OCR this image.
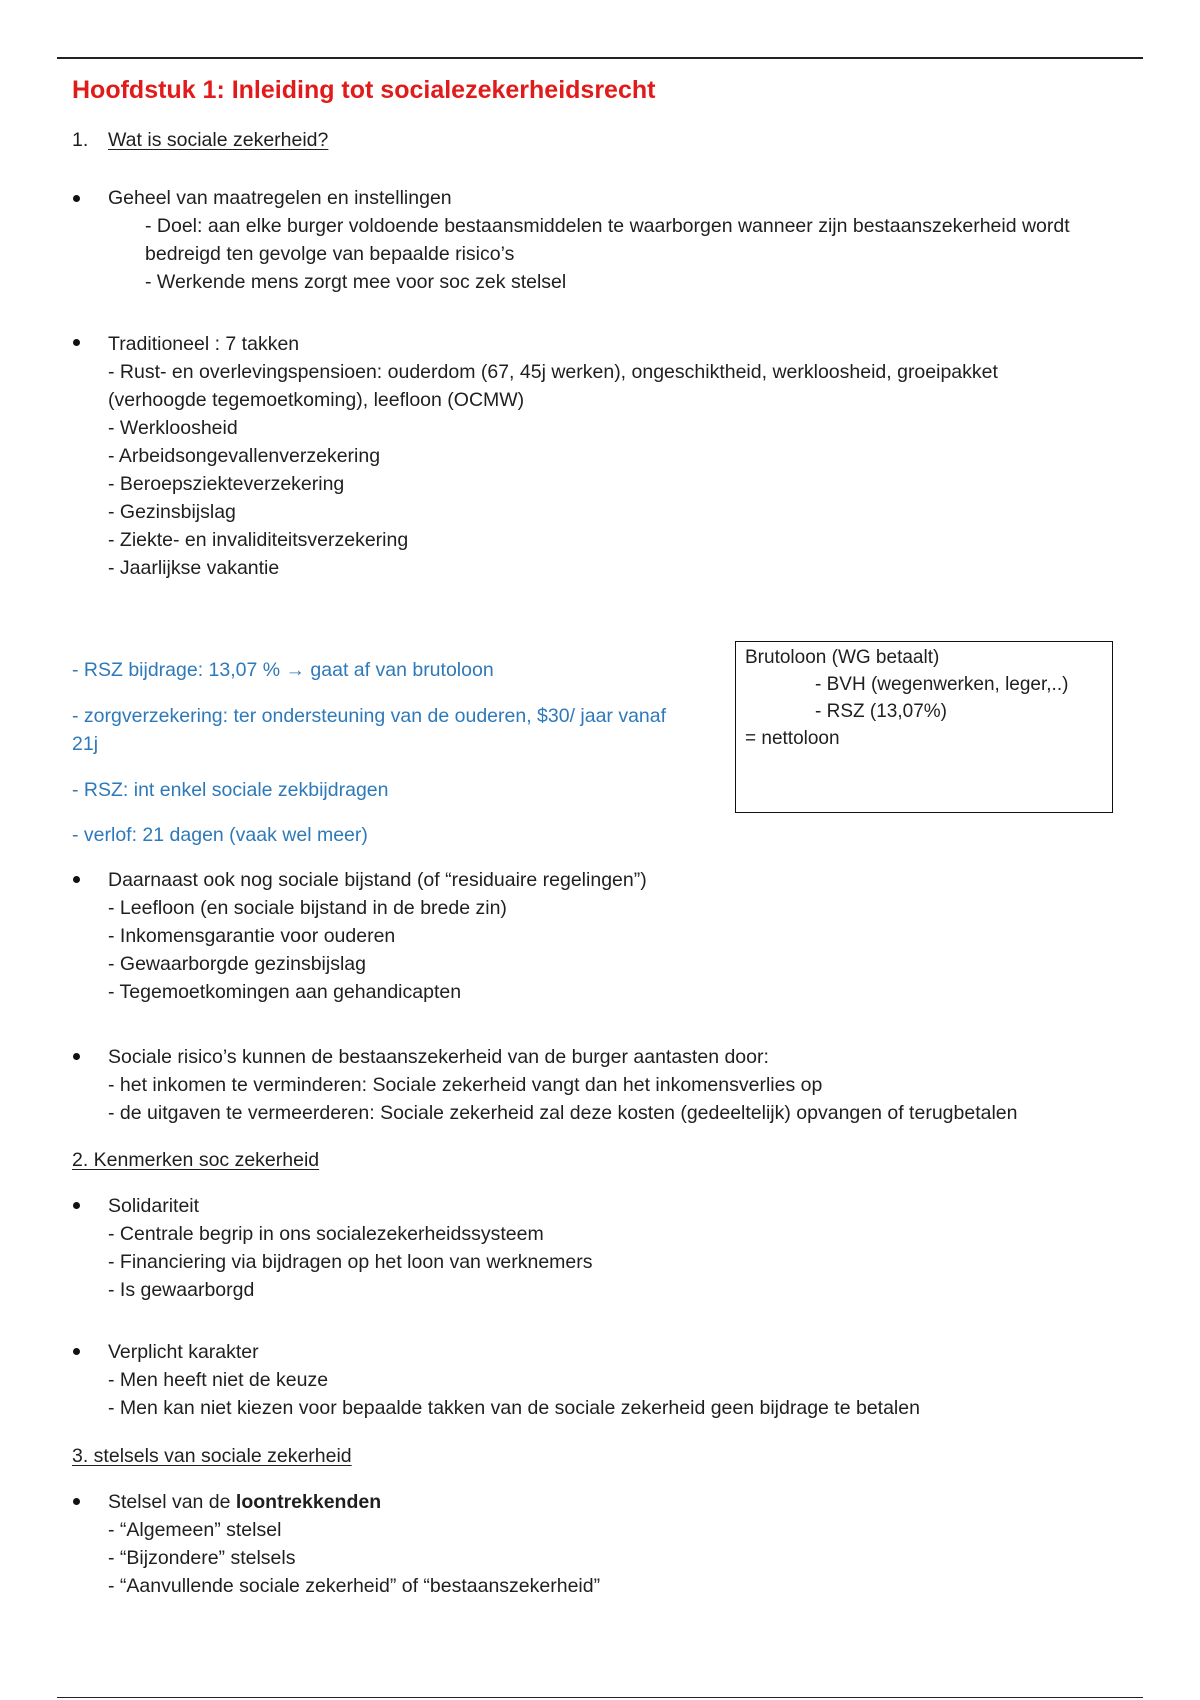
Hoofdstuk 1: Inleiding tot socialezekerheidsrecht
1. Wat is sociale zekerheid?
Geheel van maatregelen en instellingen
- Doel: aan elke burger voldoende bestaansmiddelen te waarborgen wanneer zijn bestaanszekerheid wordt
bedreigd ten gevolge van bepaalde risico’s
- Werkende mens zorgt mee voor soc zek stelsel
Traditioneel : 7 takken
- Rust- en overlevingspensioen: ouderdom (67, 45j werken), ongeschiktheid, werkloosheid, groeipakket
(verhoogde tegemoetkoming), leefloon (OCMW)
- Werkloosheid
- Arbeidsongevallenverzekering
- Beroepsziekteverzekering
- Gezinsbijslag
- Ziekte- en invaliditeitsverzekering
- Jaarlijkse vakantie
- RSZ bijdrage: 13,07 % → gaat af van brutoloon
- zorgverzekering: ter ondersteuning van de ouderen, $30/ jaar vanaf
21j
- RSZ: int enkel sociale zekbijdragen
- verlof: 21 dagen (vaak wel meer)
Brutoloon (WG betaalt)
- BVH (wegenwerken, leger,..)
- RSZ (13,07%)
= nettoloon
Daarnaast ook nog sociale bijstand (of “residuaire regelingen”)
- Leefloon (en sociale bijstand in de brede zin)
- Inkomensgarantie voor ouderen
- Gewaarborgde gezinsbijslag
- Tegemoetkomingen aan gehandicapten
Sociale risico’s kunnen de bestaanszekerheid van de burger aantasten door:
- het inkomen te verminderen: Sociale zekerheid vangt dan het inkomensverlies op
- de uitgaven te vermeerderen: Sociale zekerheid zal deze kosten (gedeeltelijk) opvangen of terugbetalen
2. Kenmerken soc zekerheid
Solidariteit
- Centrale begrip in ons socialezekerheidssysteem
- Financiering via bijdragen op het loon van werknemers
- Is gewaarborgd
Verplicht karakter
- Men heeft niet de keuze
- Men kan niet kiezen voor bepaalde takken van de sociale zekerheid geen bijdrage te betalen
3. stelsels van sociale zekerheid
Stelsel van de loontrekkenden
- “Algemeen” stelsel
- “Bijzondere” stelsels
- “Aanvullende sociale zekerheid” of “bestaanszekerheid”
